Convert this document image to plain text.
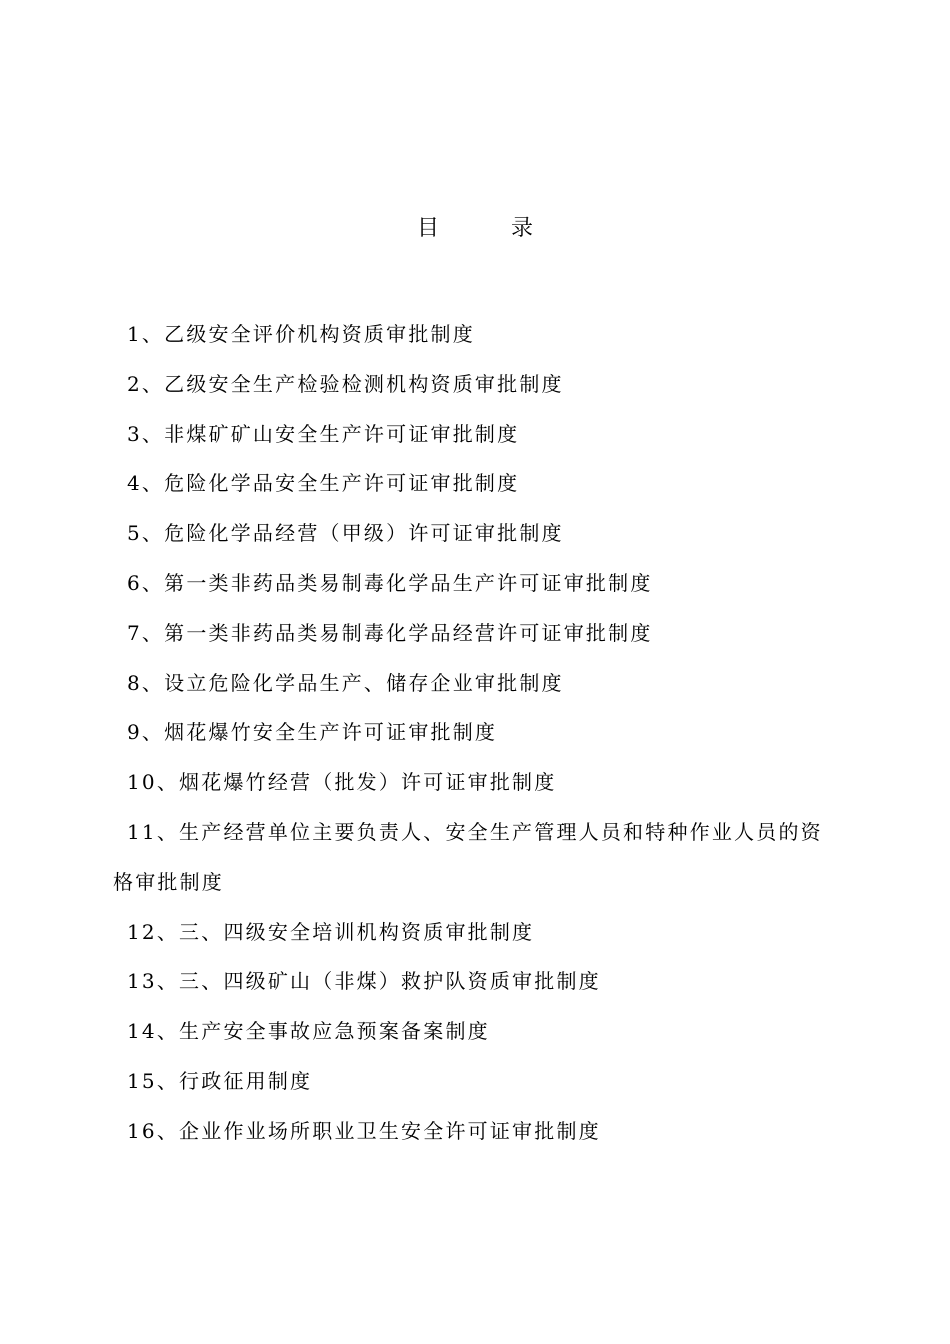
目	录
1、乙级安全评价机构资质审批制度
2、乙级安全生产检验检测机构资质审批制度
3、非煤矿矿山安全生产许可证审批制度
4、危险化学品安全生产许可证审批制度
5、危险化学品经营（甲级）许可证审批制度
6、第一类非药品类易制毒化学品生产许可证审批制度
7、第一类非药品类易制毒化学品经营许可证审批制度
8、设立危险化学品生产、储存企业审批制度
9、烟花爆竹安全生产许可证审批制度
10、烟花爆竹经营（批发）许可证审批制度
11、生产经营单位主要负责人、安全生产管理人员和特种作业人员的资格审批制度
12、三、四级安全培训机构资质审批制度
13、三、四级矿山（非煤）救护队资质审批制度
14、生产安全事故应急预案备案制度
15、行政征用制度
16、企业作业场所职业卫生安全许可证审批制度
